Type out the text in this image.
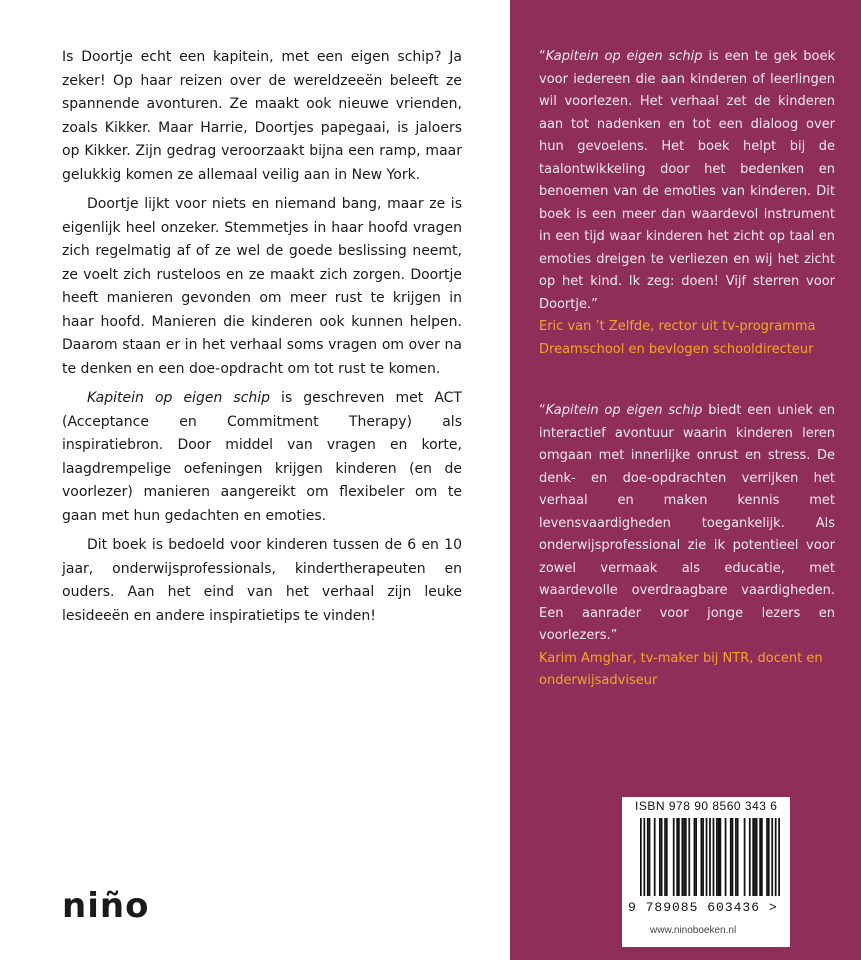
Is Doortje echt een kapitein, met een eigen schip? Ja zeker! Op haar reizen over de wereldzeeën beleeft ze spannende avonturen. Ze maakt ook nieuwe vrienden, zoals Kikker. Maar Harrie, Doortjes papegaai, is jaloers op Kikker. Zijn gedrag veroorzaakt bijna een ramp, maar gelukkig komen ze allemaal veilig aan in New York.

Doortje lijkt voor niets en niemand bang, maar ze is eigenlijk heel onzeker. Stemmetjes in haar hoofd vragen zich regelmatig af of ze wel de goede beslissing neemt, ze voelt zich rusteloos en ze maakt zich zorgen. Doortje heeft manieren gevonden om meer rust te krijgen in haar hoofd. Manieren die kinderen ook kunnen helpen. Daarom staan er in het verhaal soms vragen om over na te denken en een doe-opdracht om tot rust te komen.

Kapitein op eigen schip is geschreven met ACT (Acceptance en Commitment Therapy) als inspiratiebron. Door middel van vragen en korte, laagdrempelige oefeningen krijgen kinderen (en de voorlezer) manieren aangereikt om flexibeler om te gaan met hun gedachten en emoties.

Dit boek is bedoeld voor kinderen tussen de 6 en 10 jaar, onderwijsprofessionals, kindertherapeuten en ouders. Aan het eind van het verhaal zijn leuke lesideeën en andere inspiratietips te vinden!

niño

“Kapitein op eigen schip is een te gek boek voor iedereen die aan kinderen of leerlingen wil voorlezen. Het verhaal zet de kinderen aan tot nadenken en tot een dialoog over hun gevoelens. Het boek helpt bij de taalontwikkeling door het bedenken en benoemen van de emoties van kinderen. Dit boek is een meer dan waardevol instrument in een tijd waar kinderen het zicht op taal en emoties dreigen te verliezen en wij het zicht op het kind. Ik zeg: doen! Vijf sterren voor Doortje.”

Eric van ’t Zelfde, rector uit tv-programma Dreamschool en bevlogen schooldirecteur

“Kapitein op eigen schip biedt een uniek en interactief avontuur waarin kinderen leren omgaan met innerlijke onrust en stress. De denk- en doe-opdrachten verrijken het verhaal en maken kennis met levensvaardigheden toegankelijk. Als onderwijsprofessional zie ik potentieel voor zowel vermaak als educatie, met waardevolle overdraagbare vaardigheden. Een aanrader voor jonge lezers en voorlezers.”

Karim Amghar, tv-maker bij NTR, docent en onderwijsadviseur

ISBN 978 90 8560 343 6
9 789085 603436 >
www.ninoboeken.nl
